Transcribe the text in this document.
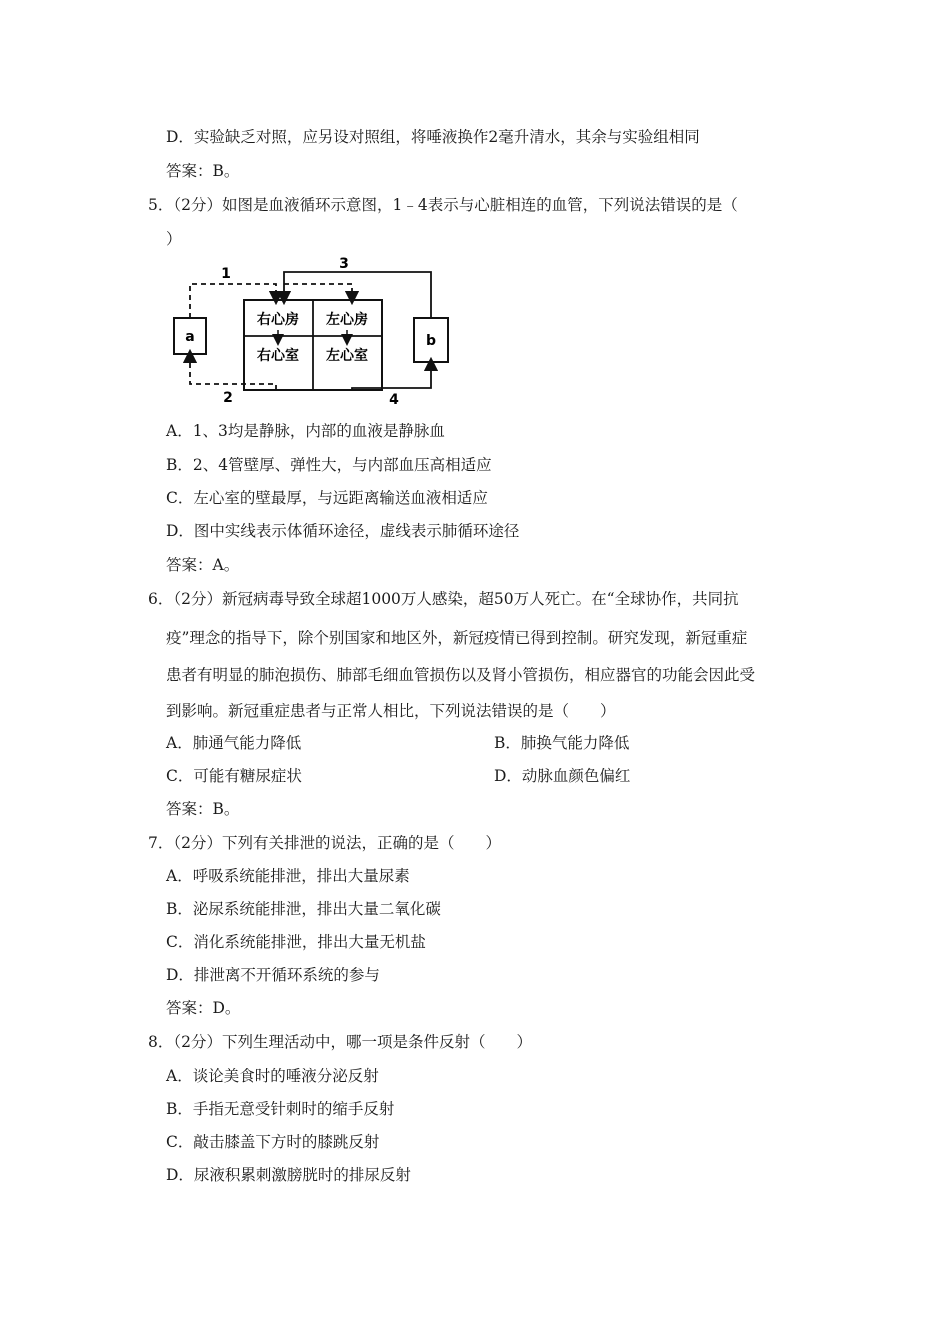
D．实验缺乏对照，应另设对照组，将唾液换作2毫升清水，其余与实验组相同
答案：B。
5．（2分）如图是血液循环示意图，1﹣4表示与心脏相连的血管，下列说法错误的是（
）
a	b
右心房 左心房
右心室 左心室
1
3
2	4
A．1、3均是静脉，内部的血液是静脉血
B．2、4管壁厚、弹性大，与内部血压高相适应
C．左心室的壁最厚，与远距离输送血液相适应
D．图中实线表示体循环途径，虚线表示肺循环途径
答案：A。
6．（2分）新冠病毒导致全球超1000万人感染，超50万人死亡。在“全球协作，共同抗
疫”理念的指导下，除个别国家和地区外，新冠疫情已得到控制。研究发现，新冠重症
患者有明显的肺泡损伤、肺部毛细血管损伤以及肾小管损伤，相应器官的功能会因此受
到影响。新冠重症患者与正常人相比，下列说法错误的是（　　）
A．肺通气能力降低	B．肺换气能力降低
C．可能有糖尿症状	D．动脉血颜色偏红
答案：B。
7．（2分）下列有关排泄的说法，正确的是（　　）
A．呼吸系统能排泄，排出大量尿素
B．泌尿系统能排泄，排出大量二氧化碳
C．消化系统能排泄，排出大量无机盐
D．排泄离不开循环系统的参与
答案：D。
8．（2分）下列生理活动中，哪一项是条件反射（　　）
A．谈论美食时的唾液分泌反射
B．手指无意受针刺时的缩手反射
C．敲击膝盖下方时的膝跳反射
D．尿液积累刺激膀胱时的排尿反射
